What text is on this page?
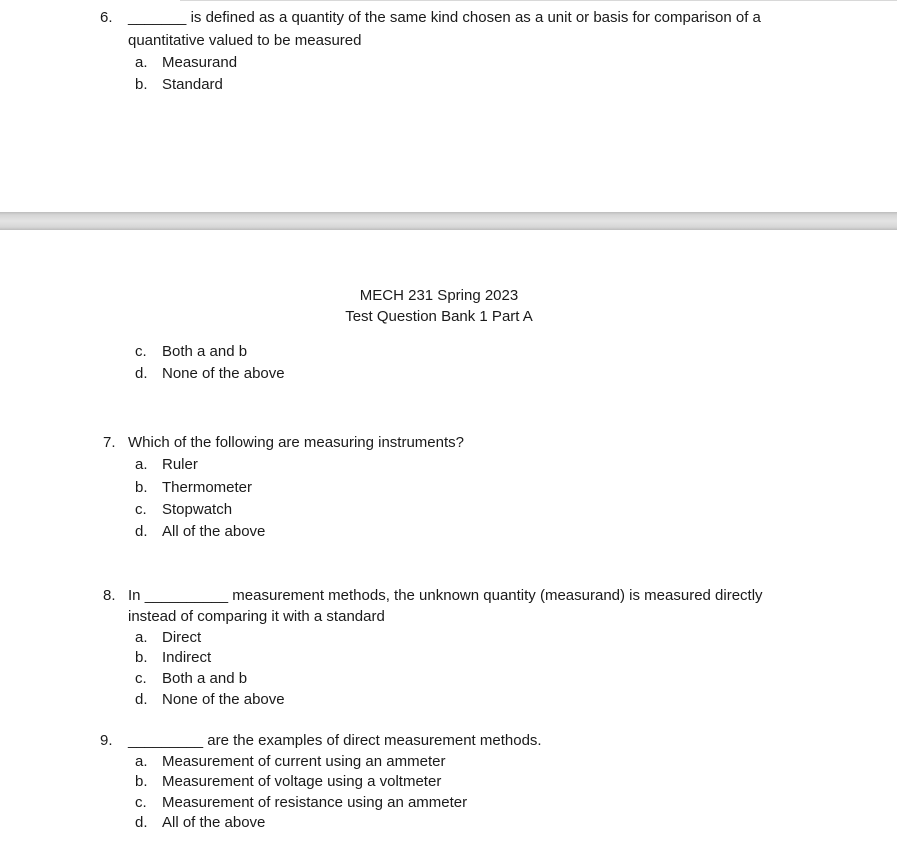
6. _______ is defined as a quantity of the same kind chosen as a unit or basis for comparison of a
quantitative valued to be measured
a. Measurand
b. Standard
MECH 231 Spring 2023
Test Question Bank 1 Part A
c. Both a and b
d. None of the above
7. Which of the following are measuring instruments?
a. Ruler
b. Thermometer
c. Stopwatch
d. All of the above
8. In __________ measurement methods, the unknown quantity (measurand) is measured directly
instead of comparing it with a standard
a. Direct
b. Indirect
c. Both a and b
d. None of the above
9. _________ are the examples of direct measurement methods.
a. Measurement of current using an ammeter
b. Measurement of voltage using a voltmeter
c. Measurement of resistance using an ammeter
d. All of the above
